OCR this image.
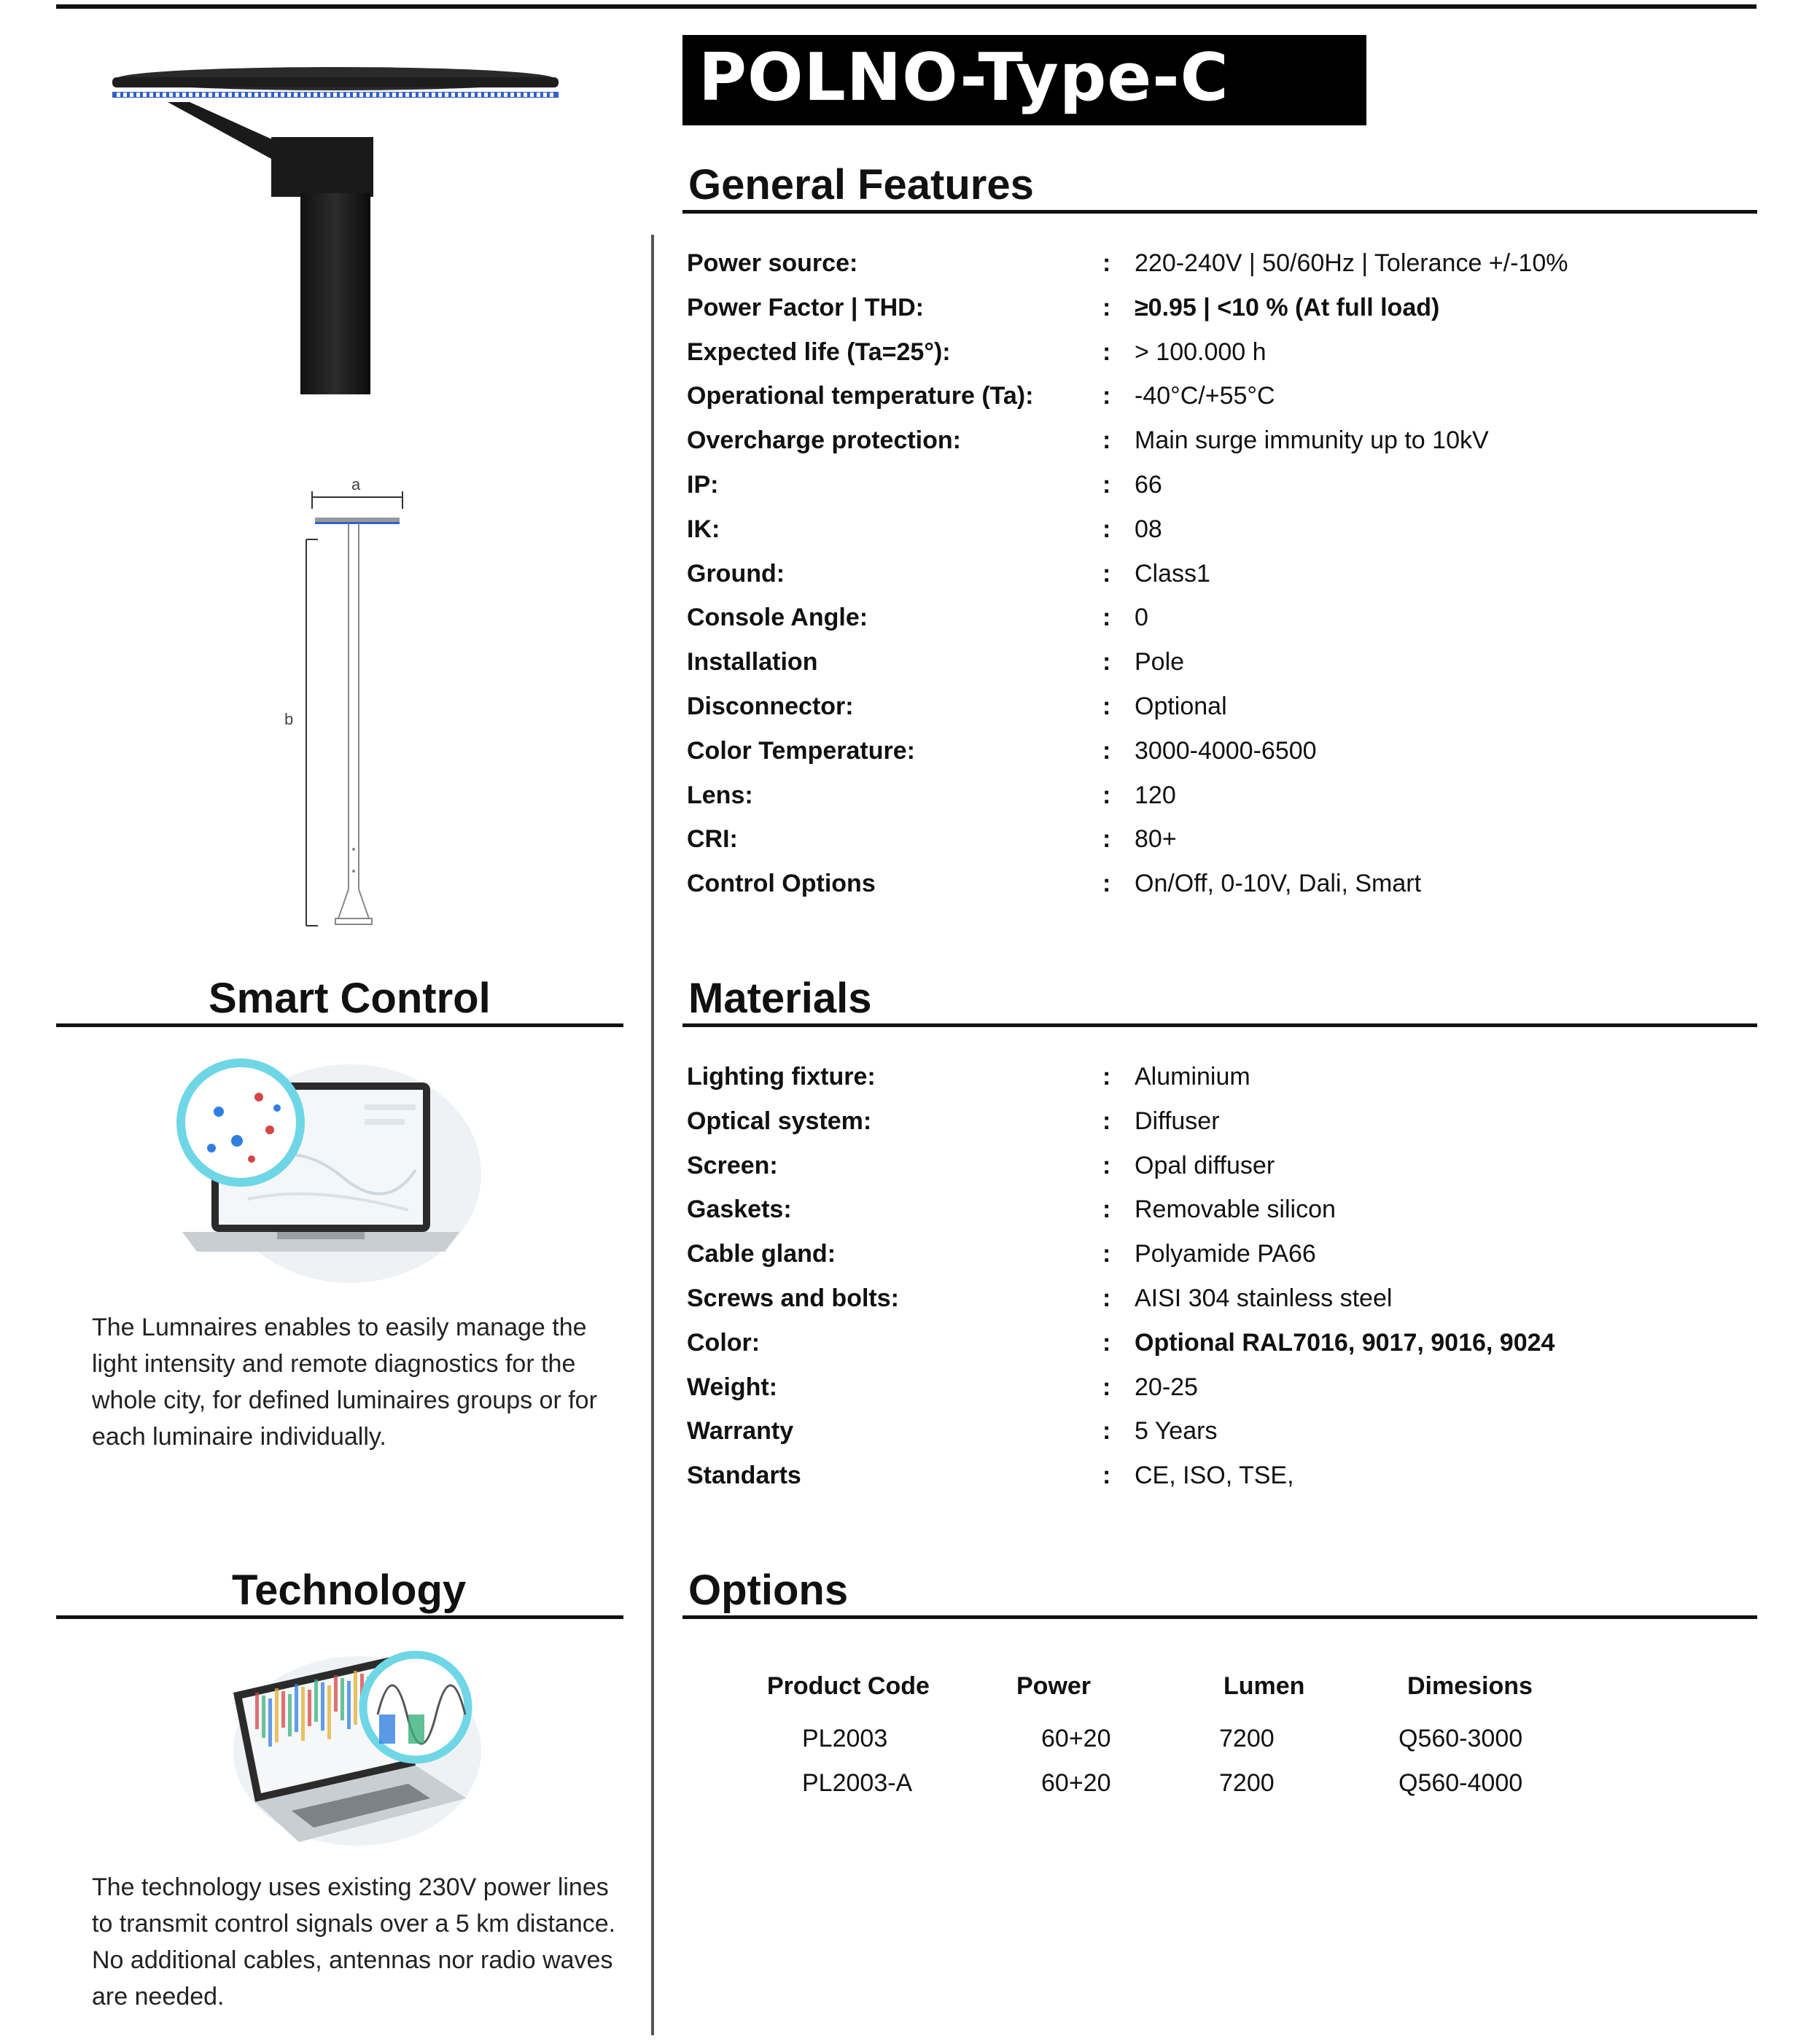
a
b
POLNO-Type-C
General Features
Power source:	: 220-240V | 50/60Hz | Tolerance +/-10%
Power Factor | THD:	: ≥0.95 | <10 % (At full load)
Expected life (Ta=25°):	: > 100.000 h
Operational temperature (Ta):	: -40°C/+55°C
Overcharge protection:	: Main surge immunity up to 10kV
IP:	: 66
IK:	: 08
Ground:	: Class1
Console Angle:	: 0
Installation	: Pole
Disconnector:	: Optional
Color Temperature:	: 3000-4000-6500
Lens:	: 120
CRI:	: 80+
Control Options	: On/Off, 0-10V, Dali, Smart
Materials
Lighting fixture:	: Aluminium
Optical system:	: Diffuser
Screen:	: Opal diffuser
Gaskets:	: Removable silicon
Cable gland:	: Polyamide PA66
Screws and bolts:	: AISI 304 stainless steel
Color:	: Optional RAL7016, 9017, 9016, 9024
Weight:	: 20-25
Warranty	: 5 Years
Standarts	: CE, ISO, TSE,
Options
Product Code	Power	Lumen	Dimesions
PL2003	60+20	7200	Q560-3000
PL2003-A	60+20	7200	Q560-4000
Smart Control
The Lumnaires enables to easily manage the light intensity and remote diagnostics for the whole city, for defined luminaires groups or for each luminaire individually.
Technology
The technology uses existing 230V power lines to transmit control signals over a 5 km distance. No additional cables, antennas nor radio waves are needed.
